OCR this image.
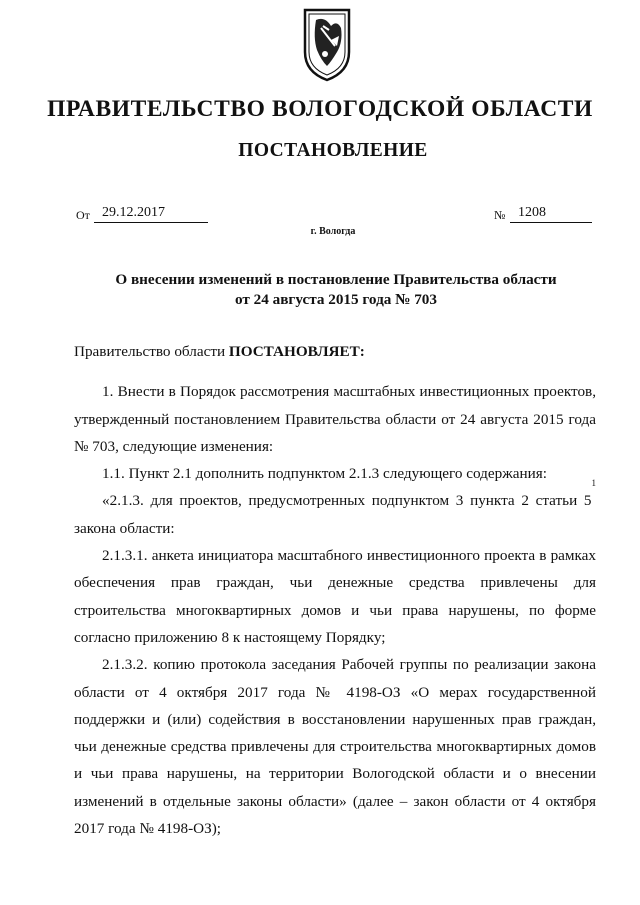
ПРАВИТЕЛЬСТВО ВОЛОГОДСКОЙ ОБЛАСТИ
ПОСТАНОВЛЕНИЕ
От 29.12.2017	№ 1208
г. Вологда
О внесении изменений в постановление Правительства области
от 24 августа 2015 года № 703

Правительство области ПОСТАНОВЛЯЕТ:

1. Внести в Порядок рассмотрения масштабных инвестиционных проектов, утвержденный постановлением Правительства области от 24 августа 2015 года № 703, следующие изменения:

1.1. Пункт 2.1 дополнить подпунктом 2.1.3 следующего содержания:

«2.1.3. для проектов, предусмотренных подпунктом 3 пункта 2 статьи $5^1$ закона области:

2.1.3.1. анкета инициатора масштабного инвестиционного проекта в рамках обеспечения прав граждан, чьи денежные средства привлечены для строительства многоквартирных домов и чьи права нарушены, по форме согласно приложению 8 к настоящему Порядку;

2.1.3.2. копию протокола заседания Рабочей группы по реализации закона области от 4 октября 2017 года № 4198-ОЗ «О мерах государственной поддержки и (или) содействия в восстановлении нарушенных прав граждан, чьи денежные средства привлечены для строительства многоквартирных домов и чьи права нарушены, на территории Вологодской области и о внесении изменений в отдельные законы области» (далее – закон области от 4 октября 2017 года № 4198-ОЗ);
